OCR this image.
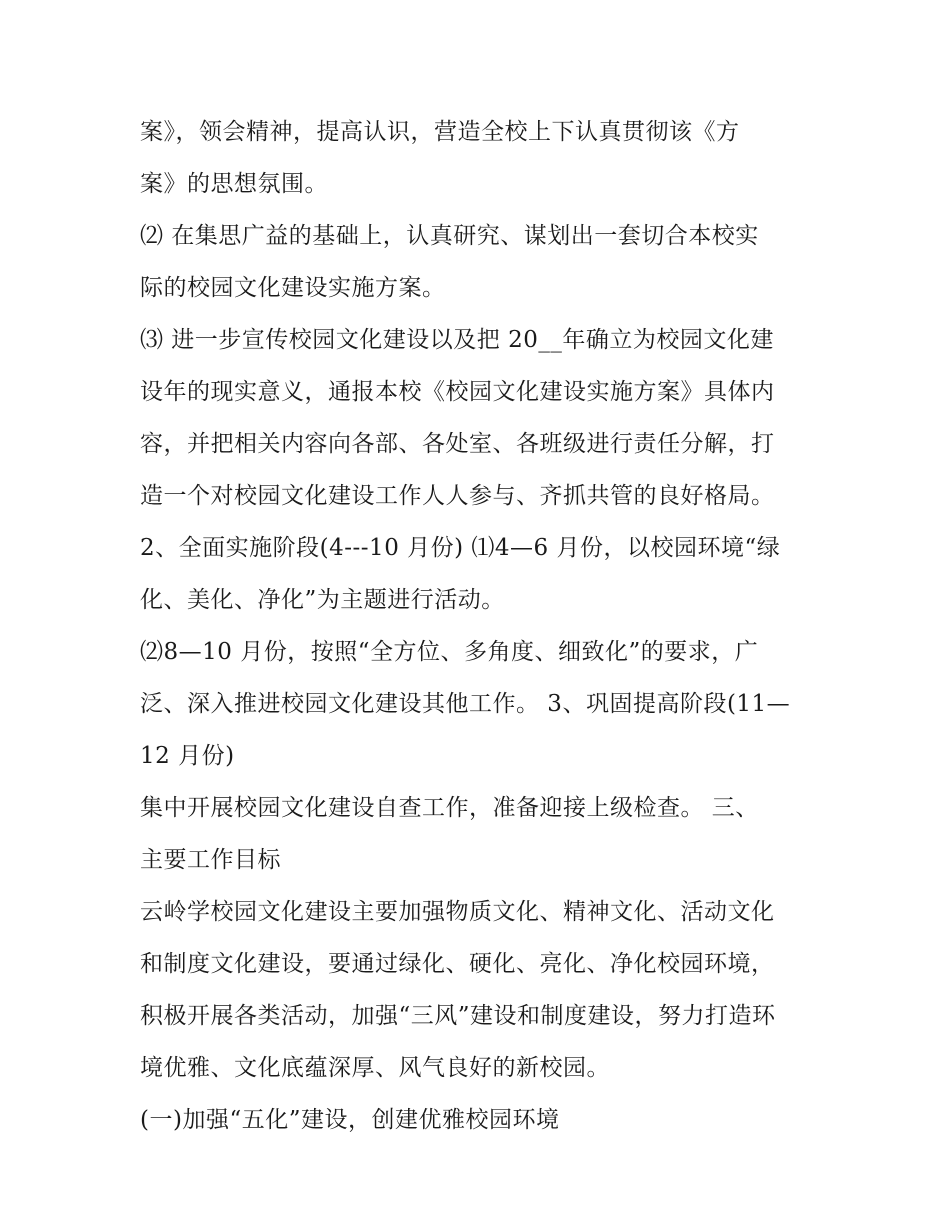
案》，领会精神，提高认识，营造全校上下认真贯彻该《方
案》的思想氛围。
⑵ 在集思广益的基础上，认真研究、谋划出一套切合本校实
际的校园文化建设实施方案。
⑶ 进一步宣传校园文化建设以及把 20__年确立为校园文化建
设年的现实意义，通报本校《校园文化建设实施方案》具体内
容，并把相关内容向各部、各处室、各班级进行责任分解，打
造一个对校园文化建设工作人人参与、齐抓共管的良好格局。
2、全面实施阶段(4---10 月份) ⑴4—6 月份，以校园环境“绿
化、美化、净化”为主题进行活动。
⑵8—10 月份，按照“全方位、多角度、细致化”的要求，广
泛、深入推进校园文化建设其他工作。 3、巩固提高阶段(11—
12 月份)
集中开展校园文化建设自查工作，准备迎接上级检查。 三、
主要工作目标
云岭学校园文化建设主要加强物质文化、精神文化、活动文化
和制度文化建设，要通过绿化、硬化、亮化、净化校园环境，
积极开展各类活动，加强“三风”建设和制度建设，努力打造环
境优雅、文化底蕴深厚、风气良好的新校园。
(一)加强“五化”建设，创建优雅校园环境
